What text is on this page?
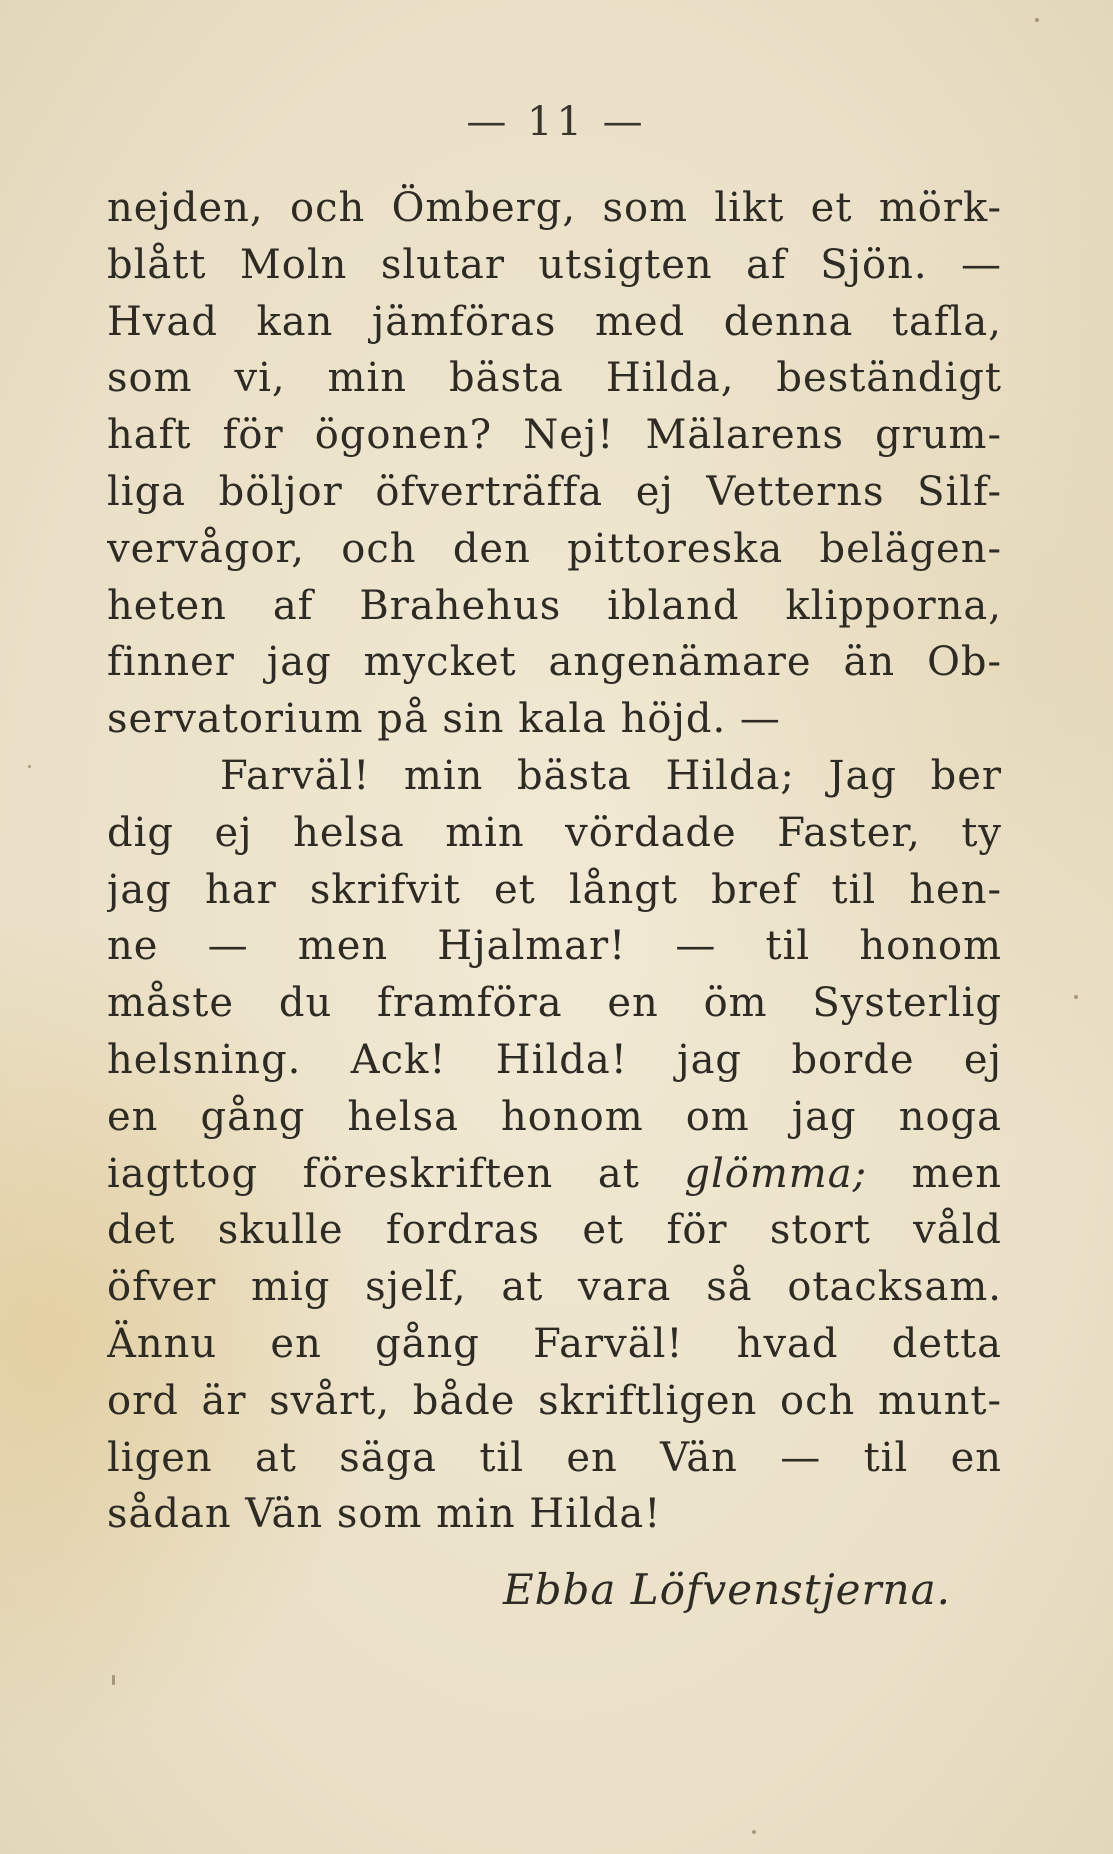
— 11 —
nejden, och Ömberg, som likt et mörk-
blått Moln slutar utsigten af Sjön. —
Hvad kan jämföras med denna tafla,
som vi, min bästa Hilda, beständigt
haft för ögonen? Nej! Mälarens grum-
liga böljor öfverträffa ej Vetterns Silf-
vervågor, och den pittoreska belägen-
heten af Brahehus ibland klipporna,
finner jag mycket angenämare än Ob-
servatorium på sin kala höjd. —
Farväl! min bästa Hilda; Jag ber
dig ej helsa min vördade Faster, ty
jag har skrifvit et långt bref til hen-
ne — men Hjalmar! — til honom
måste du framföra en öm Systerlig
helsning. Ack! Hilda! jag borde ej
en gång helsa honom om jag noga
iagttog föreskriften at glömma; men
det skulle fordras et för stort våld
öfver mig sjelf, at vara så otacksam.
Ännu en gång Farväl! hvad detta
ord är svårt, både skriftligen och munt-
ligen at säga til en Vän — til en
sådan Vän som min Hilda!
Ebba Löfvenstjerna.
